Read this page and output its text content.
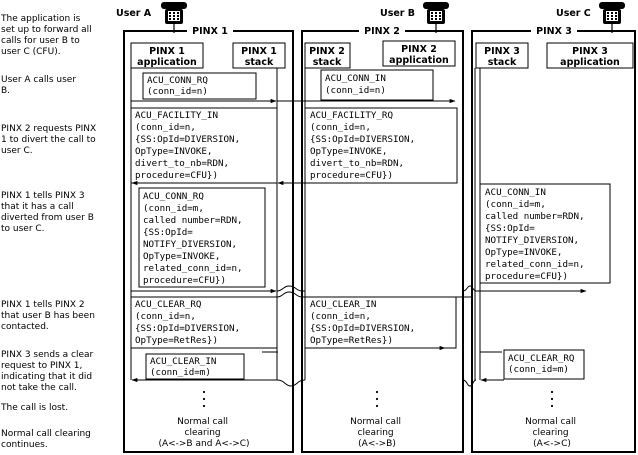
The application is set up to forward all calls for user B to user C (CFU).
User A calls user B.
PINX 2 requests PINX 1 to divert the call to user C.
PINX 1 tells PINX 3 that it has a call diverted from user B to user C.
PINX 1 tells PINX 2 that user B has been contacted.
PINX 3 sends a clear request to PINX 1, indicating that it did not take the call.
The call is lost.
Normal call clearing continues.
User A	User B	User C
PINX 1	PINX 2	PINX 3
PINX 1 application
PINX 1 stack
PINX 2 stack
PINX 2 application
PINX 3 stack
PINX 3 application
ACU_CONN_RQ (conn_id=n)
ACU_CONN_IN (conn_id=n)
ACU_FACILITY_IN (conn_id=n, {SS:OpId=DIVERSION, OpType=INVOKE, divert_to_nb=RDN, procedure=CFU})
ACU_FACILITY_RQ (conn_id=n, {SS:OpId=DIVERSION, OpType=INVOKE, divert_to_nb=RDN, procedure=CFU})
ACU_CONN_RQ (conn_id=m, called number=RDN, {SS:OpId= NOTIFY_DIVERSION, OpType=INVOKE, related_conn_id=n, procedure=CFU})
ACU_CONN_IN (conn_id=m, called number=RDN, {SS:OpId= NOTIFY_DIVERSION, OpType=INVOKE, related_conn_id=n, procedure=CFU})
ACU_CLEAR_RQ (conn_id=n, {SS:OpId=DIVERSION, OpType=RetRes})
ACU_CLEAR_IN (conn_id=n, {SS:OpId=DIVERSION, OpType=RetRes})
ACU_CLEAR_IN (conn_id=m)
ACU_CLEAR_RQ (conn_id=m)
Normal call clearing (A<->B and A<->C)
Normal call clearing (A<->B)
Normal call clearing (A<->C)
